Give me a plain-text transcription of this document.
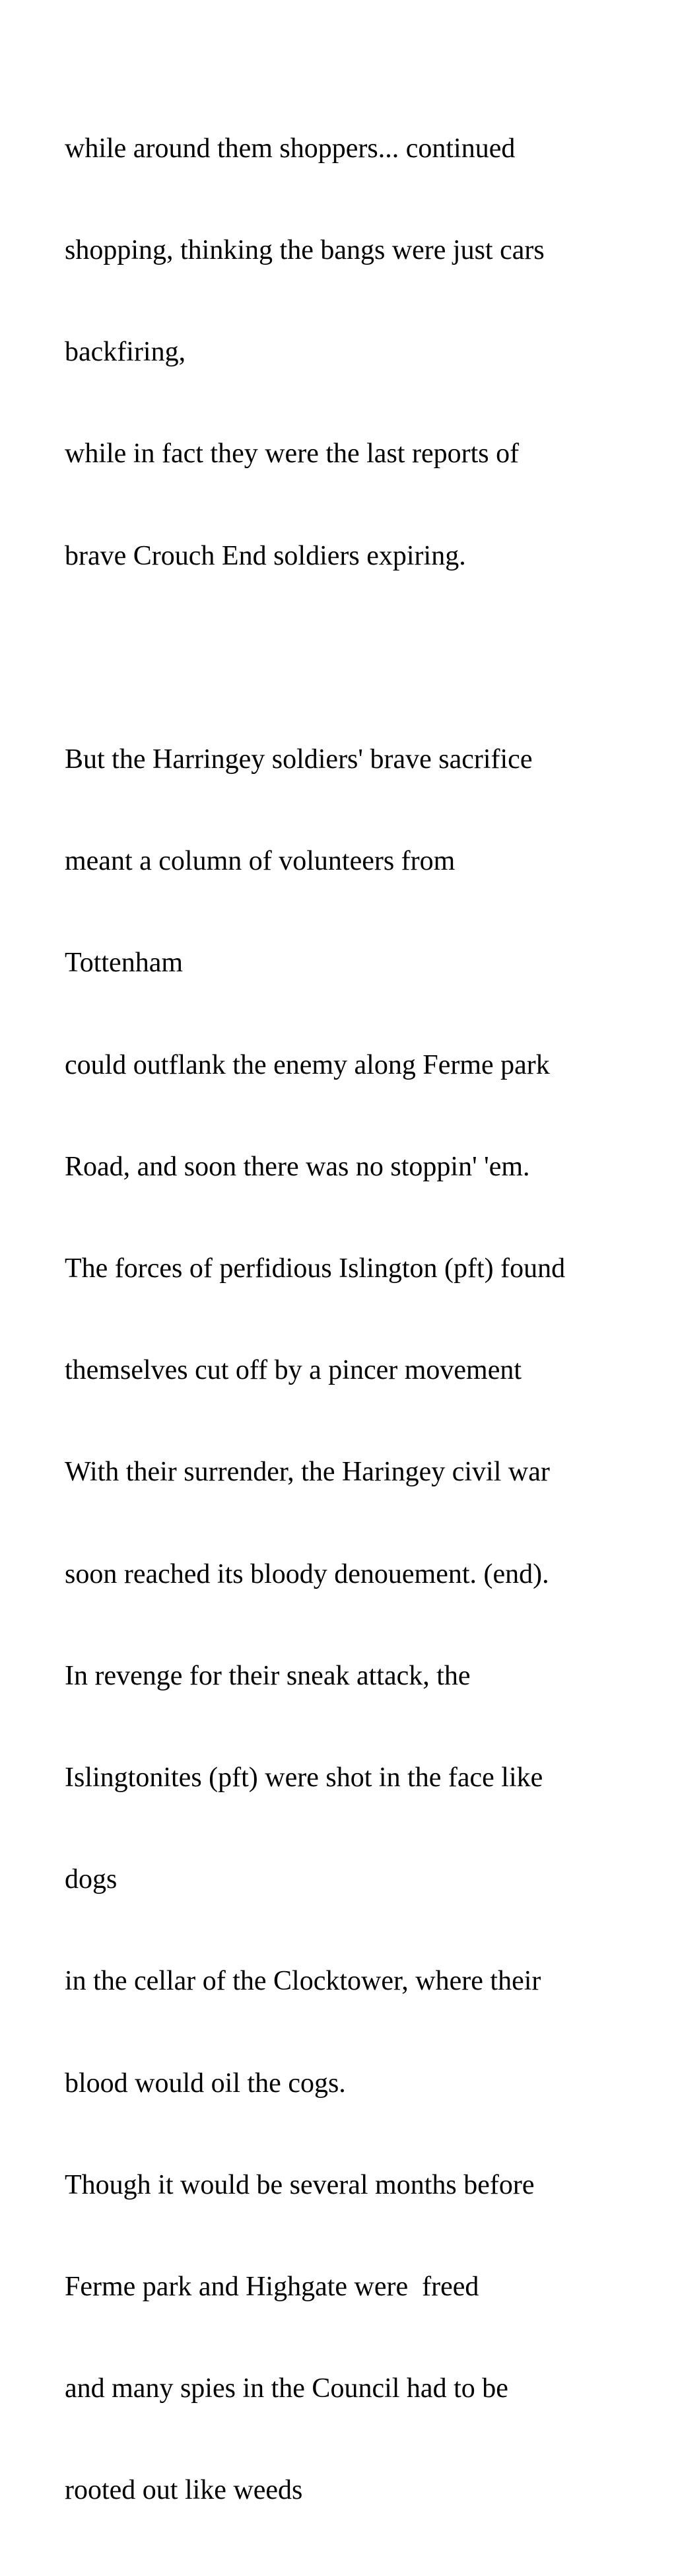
while around them shoppers... continued

shopping, thinking the bangs were just cars

backfiring,

while in fact they were the last reports of

brave Crouch End soldiers expiring.

But the Harringey soldiers' brave sacrifice

meant a column of volunteers from

Tottenham

could outflank the enemy along Ferme park

Road, and soon there was no stoppin' 'em.

The forces of perfidious Islington (pft) found

themselves cut off by a pincer movement

With their surrender, the Haringey civil war

soon reached its bloody denouement. (end).

In revenge for their sneak attack, the

Islingtonites (pft) were shot in the face like

dogs

in the cellar of the Clocktower, where their

blood would oil the cogs.

Though it would be several months before

Ferme park and Highgate were  freed

and many spies in the Council had to be

rooted out like weeds
